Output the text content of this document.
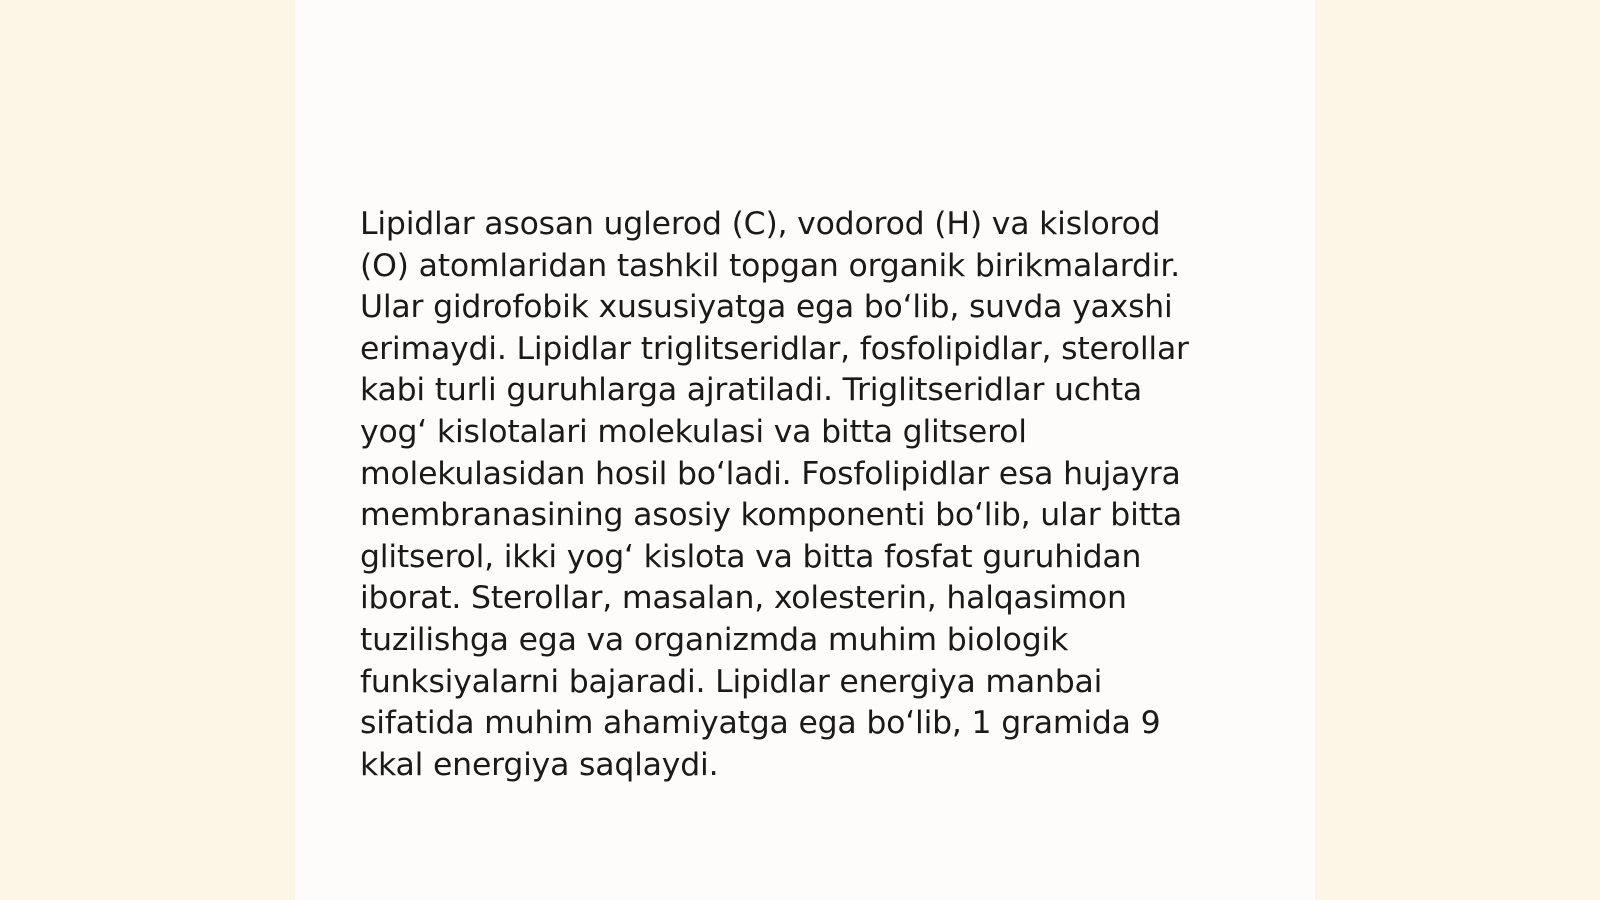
Lipidlar asosan uglerod (C), vodorod (H) va kislorod
(O) atomlaridan tashkil topgan organik birikmalardir.
Ular gidrofobik xususiyatga ega boʻlib, suvda yaxshi
erimaydi. Lipidlar triglitseridlar, fosfolipidlar, sterollar
kabi turli guruhlarga ajratiladi. Triglitseridlar uchta
yogʻ kislotalari molekulasi va bitta glitserol
molekulasidan hosil boʻladi. Fosfolipidlar esa hujayra
membranasining asosiy komponenti boʻlib, ular bitta
glitserol, ikki yogʻ kislota va bitta fosfat guruhidan
iborat. Sterollar, masalan, xolesterin, halqasimon
tuzilishga ega va organizmda muhim biologik
funksiyalarni bajaradi. Lipidlar energiya manbai
sifatida muhim ahamiyatga ega boʻlib, 1 gramida 9
kkal energiya saqlaydi.
